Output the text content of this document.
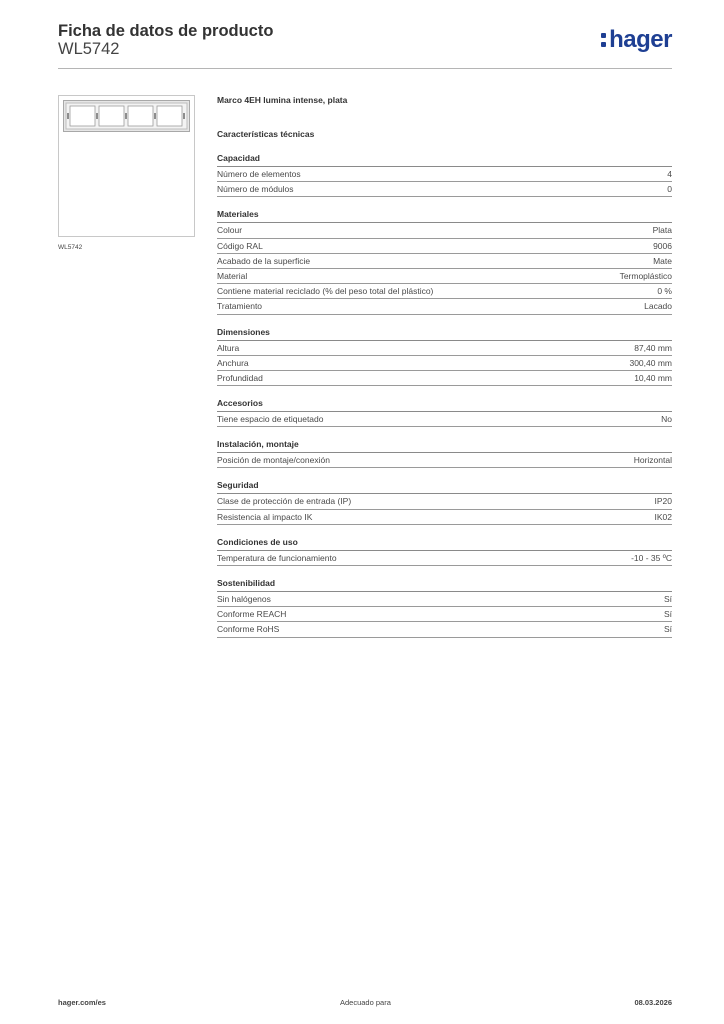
Ficha de datos de producto
WL5742	hager
WL5742
Marco 4EH lumina intense, plata
Características técnicas
Capacidad
Número de elementos	4
Número de módulos	0
Materiales
Colour	Plata
Código RAL	9006
Acabado de la superficie	Mate
Material	Termoplástico
Contiene material reciclado (% del peso total del plástico)	0 %
Tratamiento	Lacado
Dimensiones
Altura	87,40 mm
Anchura	300,40 mm
Profundidad	10,40 mm
Accesorios
Tiene espacio de etiquetado	No
Instalación, montaje
Posición de montaje/conexión	Horizontal
Seguridad
Clase de protección de entrada (IP)	IP20
Resistencia al impacto IK	IK02
Condiciones de uso
Temperatura de funcionamiento	-10 - 35 ºC
Sostenibilidad
Sin halógenos	Sí
Conforme REACH	Sí
Conforme RoHS	Sí
hager.com/es	Adecuado para	08.03.2026
